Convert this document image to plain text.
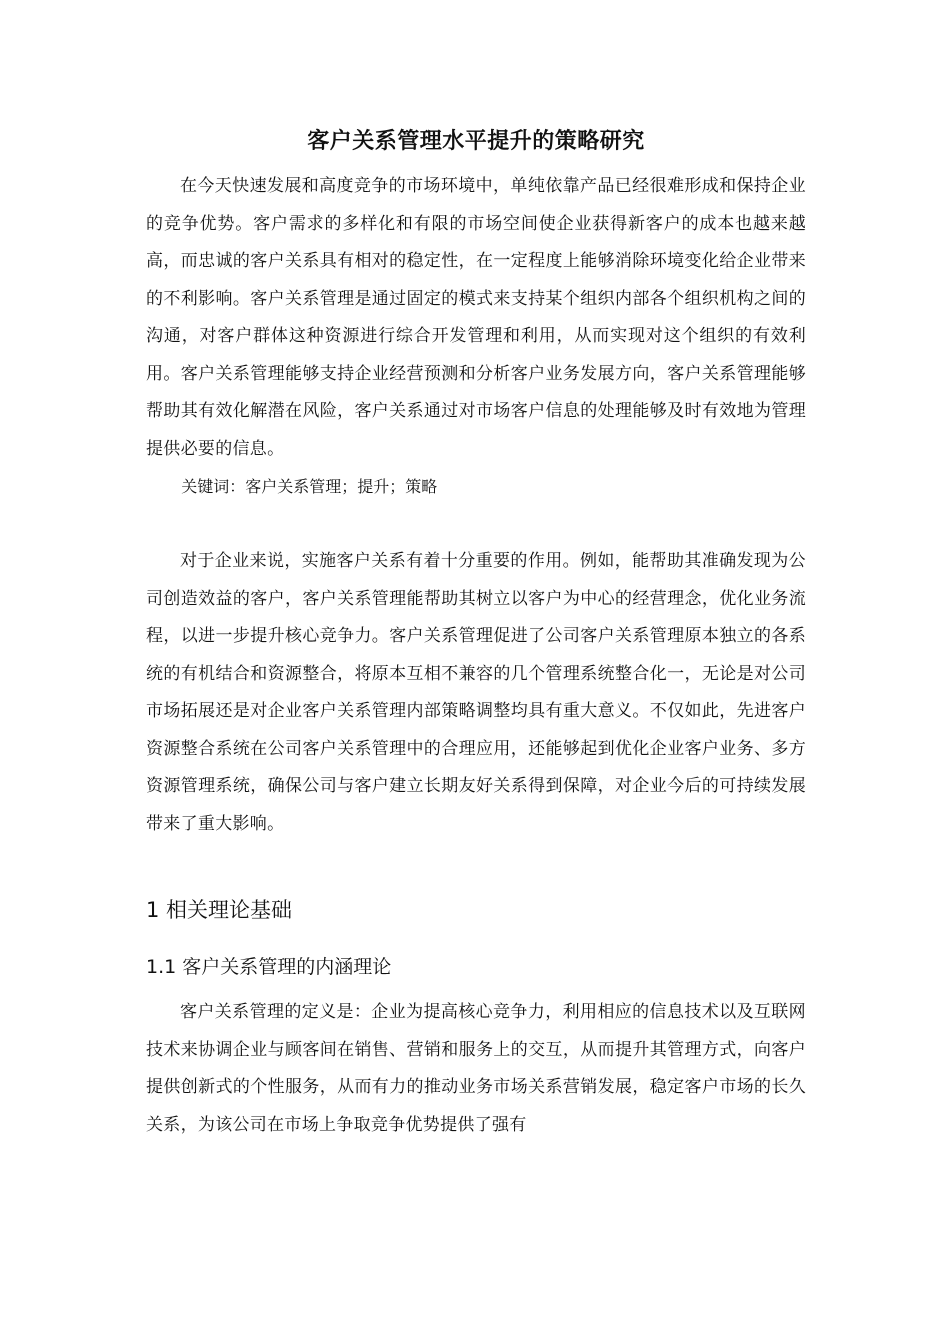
客户关系管理水平提升的策略研究

在今天快速发展和高度竞争的市场环境中，单纯依靠产品已经很难形成和保持企业的竞争优势。客户需求的多样化和有限的市场空间使企业获得新客户的成本也越来越高，而忠诚的客户关系具有相对的稳定性，在一定程度上能够消除环境变化给企业带来的不利影响。客户关系管理是通过固定的模式来支持某个组织内部各个组织机构之间的沟通，对客户群体这种资源进行综合开发管理和利用，从而实现对这个组织的有效利用。客户关系管理能够支持企业经营预测和分析客户业务发展方向，客户关系管理能够帮助其有效化解潜在风险，客户关系通过对市场客户信息的处理能够及时有效地为管理提供必要的信息。

关键词：客户关系管理；提升；策略

对于企业来说，实施客户关系有着十分重要的作用。例如，能帮助其准确发现为公司创造效益的客户，客户关系管理能帮助其树立以客户为中心的经营理念，优化业务流程，以进一步提升核心竞争力。客户关系管理促进了公司客户关系管理原本独立的各系统的有机结合和资源整合，将原本互相不兼容的几个管理系统整合化一，无论是对公司市场拓展还是对企业客户关系管理内部策略调整均具有重大意义。不仅如此，先进客户资源整合系统在公司客户关系管理中的合理应用，还能够起到优化企业客户业务、多方资源管理系统，确保公司与客户建立长期友好关系得到保障，对企业今后的可持续发展带来了重大影响。

1 相关理论基础
1.1 客户关系管理的内涵理论

客户关系管理的定义是：企业为提高核心竞争力，利用相应的信息技术以及互联网技术来协调企业与顾客间在销售、营销和服务上的交互，从而提升其管理方式，向客户提供创新式的个性服务，从而有力的推动业务市场关系营销发展，稳定客户市场的长久关系，为该公司在市场上争取竞争优势提供了强有
